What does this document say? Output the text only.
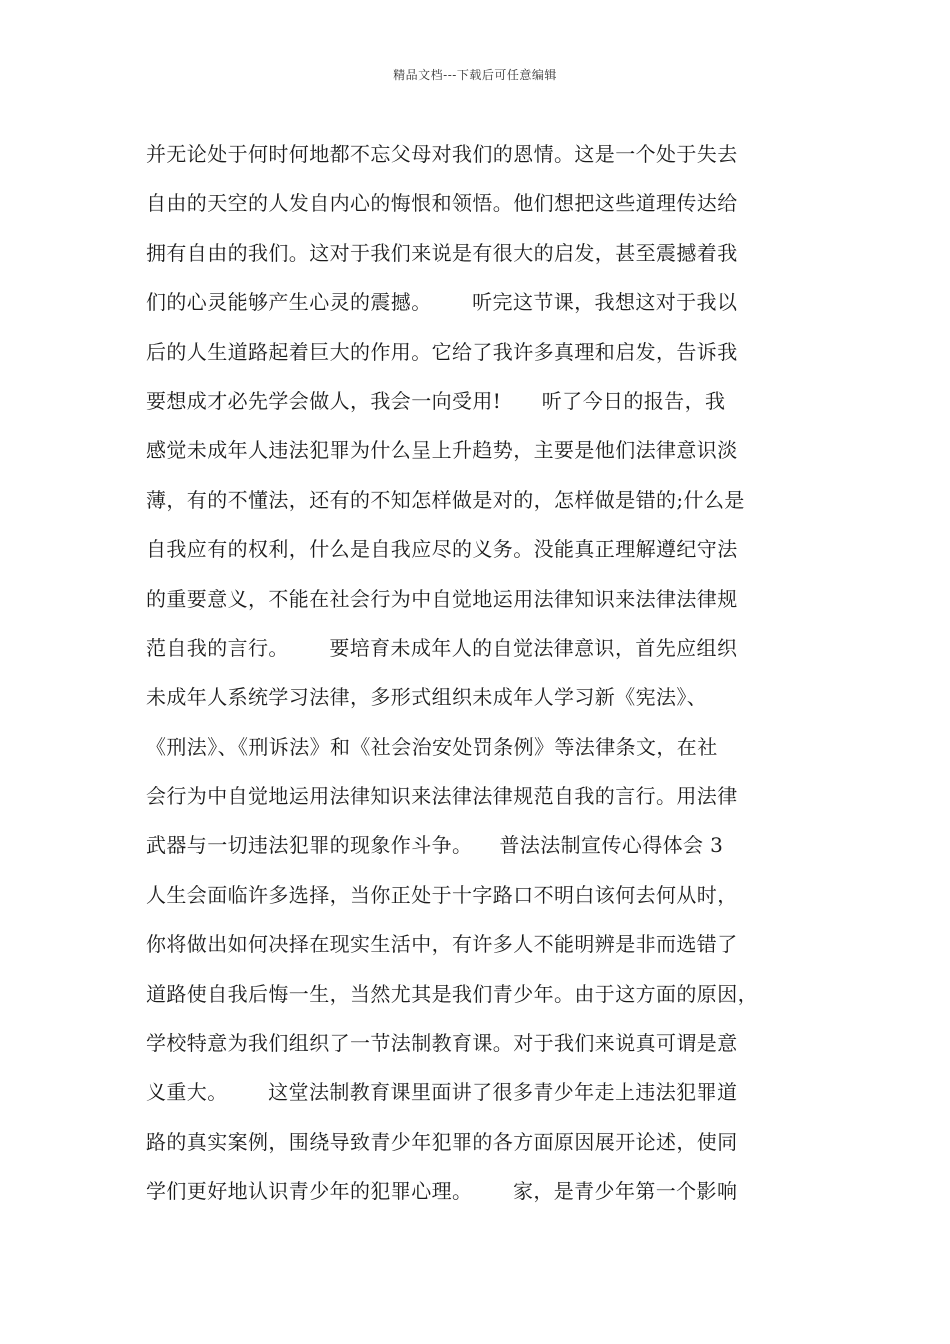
精品文档---下载后可任意编辑
并无论处于何时何地都不忘父母对我们的恩情。这是一个处于失去
自由的天空的人发自内心的悔恨和领悟。他们想把这些道理传达给
拥有自由的我们。这对于我们来说是有很大的启发，甚至震撼着我
们的心灵能够产生心灵的震撼。      听完这节课，我想这对于我以
后的人生道路起着巨大的作用。它给了我许多真理和启发，告诉我
要想成才必先学会做人，我会一向受用!      听了今日的报告，我
感觉未成年人违法犯罪为什么呈上升趋势，主要是他们法律意识淡
薄，有的不懂法，还有的不知怎样做是对的，怎样做是错的;什么是
自我应有的权利，什么是自我应尽的义务。没能真正理解遵纪守法
的重要意义，不能在社会行为中自觉地运用法律知识来法律法律规
范自我的言行。      要培育未成年人的自觉法律意识，首先应组织
未成年人系统学习法律，多形式组织未成年人学习新《宪法》、
《刑法》、《刑诉法》和《社会治安处罚条例》等法律条文，在社
会行为中自觉地运用法律知识来法律法律规范自我的言行。用法律
武器与一切违法犯罪的现象作斗争。    普法法制宣传心得体会 3
人生会面临许多选择，当你正处于十字路口不明白该何去何从时，
你将做出如何决择在现实生活中，有许多人不能明辨是非而选错了
道路使自我后悔一生，当然尤其是我们青少年。由于这方面的原因，
学校特意为我们组织了一节法制教育课。对于我们来说真可谓是意
义重大。      这堂法制教育课里面讲了很多青少年走上违法犯罪道
路的真实案例，围绕导致青少年犯罪的各方面原因展开论述，使同
学们更好地认识青少年的犯罪心理。      家，是青少年第一个影响
